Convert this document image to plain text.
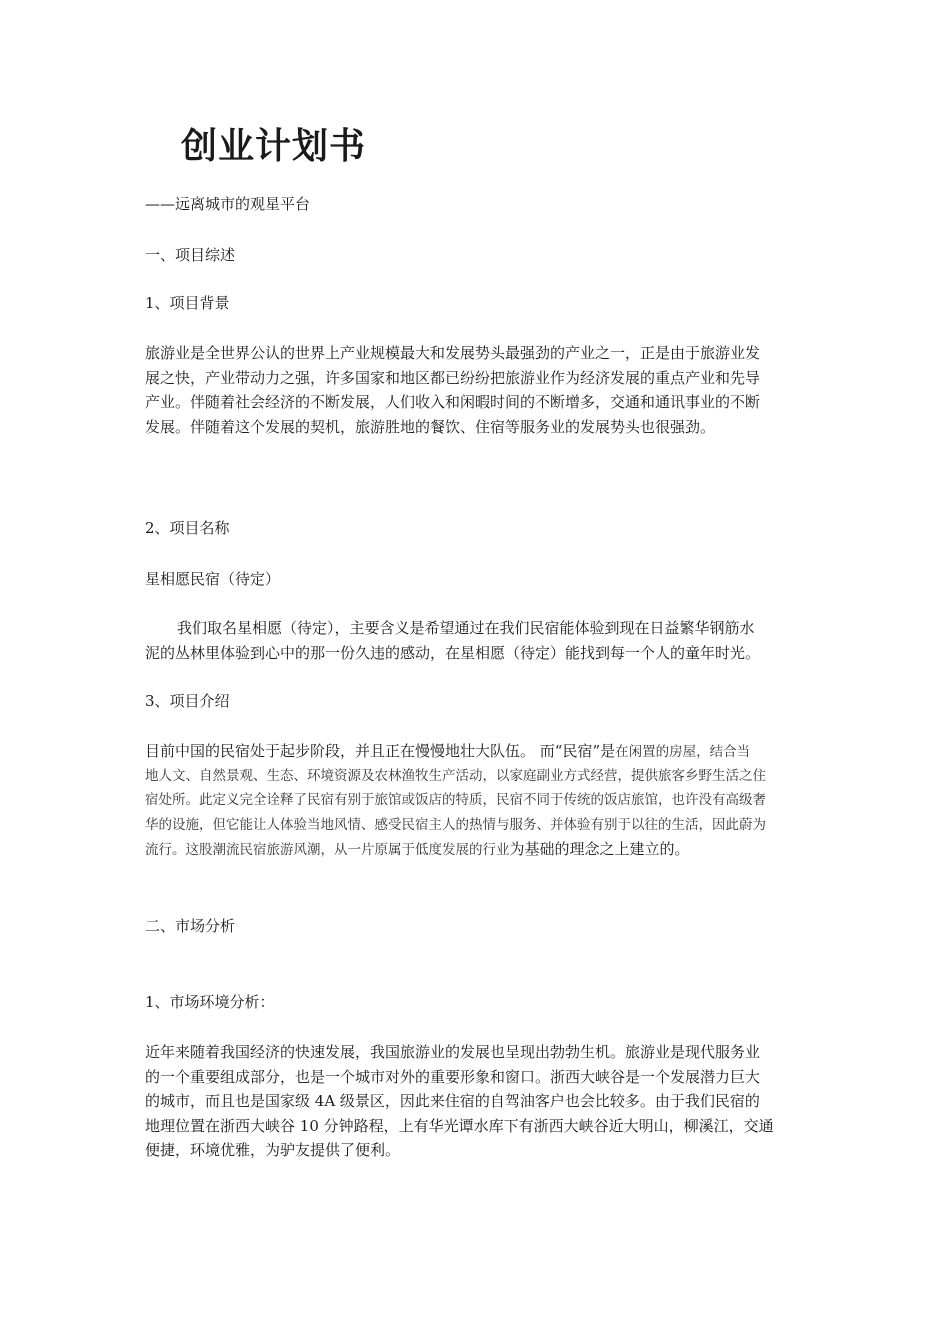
创业计划书
——远离城市的观星平台
一、项目综述
1、项目背景
旅游业是全世界公认的世界上产业规模最大和发展势头最强劲的产业之一，正是由于旅游业发
展之快，产业带动力之强，许多国家和地区都已纷纷把旅游业作为经济发展的重点产业和先导
产业。伴随着社会经济的不断发展，人们收入和闲暇时间的不断增多，交通和通讯事业的不断
发展。伴随着这个发展的契机，旅游胜地的餐饮、住宿等服务业的发展势头也很强劲。
2、项目名称
星相愿民宿（待定）
我们取名星相愿（待定），主要含义是希望通过在我们民宿能体验到现在日益繁华钢筋水
泥的丛林里体验到心中的那一份久违的感动，在星相愿（待定）能找到每一个人的童年时光。
3、项目介绍
目前中国的民宿处于起步阶段，并且正在慢慢地壮大队伍。 而“民宿”是在闲置的房屋，结合当
地人文、自然景观、生态、环境资源及农林渔牧生产活动，以家庭副业方式经营，提供旅客乡野生活之住
宿处所。此定义完全诠释了民宿有别于旅馆或饭店的特质，民宿不同于传统的饭店旅馆，也许没有高级奢
华的设施，但它能让人体验当地风情、感受民宿主人的热情与服务、并体验有别于以往的生活，因此蔚为
流行。这股潮流民宿旅游风潮，从一片原属于低度发展的行业为基础的理念之上建立的。
二、市场分析
1、市场环境分析：
近年来随着我国经济的快速发展，我国旅游业的发展也呈现出勃勃生机。旅游业是现代服务业
的一个重要组成部分，也是一个城市对外的重要形象和窗口。浙西大峡谷是一个发展潜力巨大
的城市，而且也是国家级 4A 级景区，因此来住宿的自驾油客户也会比较多。由于我们民宿的
地理位置在浙西大峡谷 10 分钟路程，上有华光谭水库下有浙西大峡谷近大明山，柳溪江，交通
便捷，环境优雅，为驴友提供了便利。
